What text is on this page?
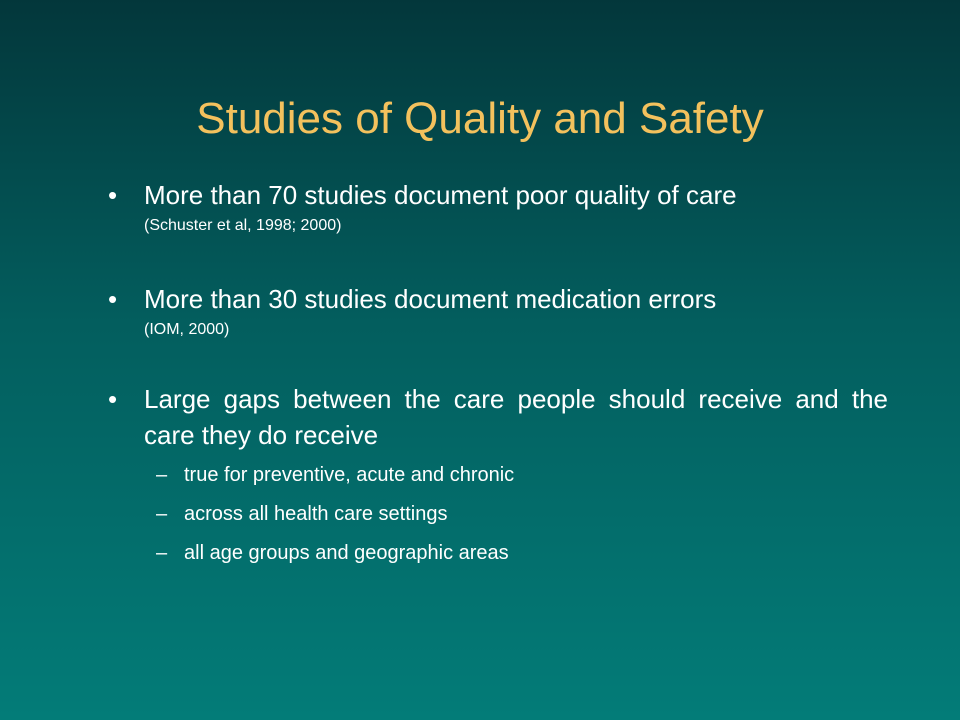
Studies of Quality and Safety
• More than 70 studies document poor quality of care
(Schuster et al, 1998; 2000)
• More than 30 studies document medication errors
(IOM, 2000)
• Large gaps between the care people should receive and the care they do receive
– true for preventive, acute and chronic
– across all health care settings
– all age groups and geographic areas
